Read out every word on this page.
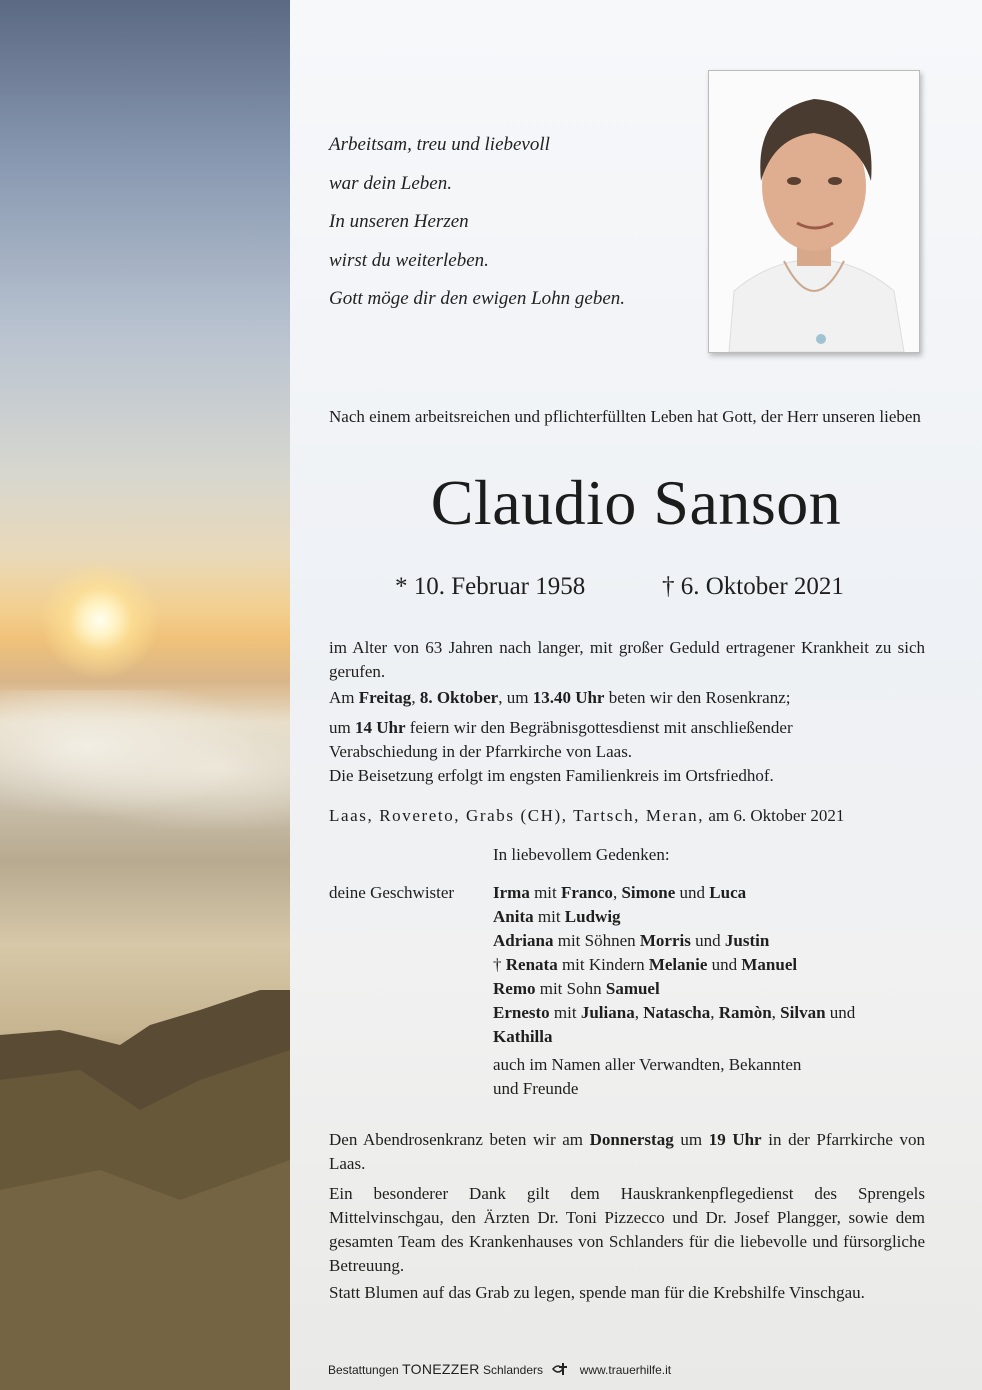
Arbeitsam, treu und liebevoll
war dein Leben.
In unseren Herzen
wirst du weiterleben.
Gott möge dir den ewigen Lohn geben.
Nach einem arbeitsreichen und pflichterfüllten Leben hat Gott, der Herr unseren lieben
Claudio Sanson
* 10. Februar 1958	† 6. Oktober 2021
im Alter von 63 Jahren nach langer, mit großer Geduld ertragener Krankheit zu sich gerufen.
Am Freitag, 8. Oktober, um 13.40 Uhr beten wir den Rosenkranz;
um 14 Uhr feiern wir den Begräbnisgottesdienst mit anschließender
Verabschiedung in der Pfarrkirche von Laas.
Die Beisetzung erfolgt im engsten Familienkreis im Ortsfriedhof.
Laas, Rovereto, Grabs (CH), Tartsch, Meran, am 6. Oktober 2021
In liebevollem Gedenken:
deine Geschwister Irma mit Franco, Simone und Luca
Anita mit Ludwig
Adriana mit Söhnen Morris und Justin
† Renata mit Kindern Melanie und Manuel
Remo mit Sohn Samuel
Ernesto mit Juliana, Natascha, Ramòn, Silvan und
Kathilla
auch im Namen aller Verwandten, Bekannten
und Freunde
Den Abendrosenkranz beten wir am Donnerstag um 19 Uhr in der Pfarrkirche von Laas.
Ein besonderer Dank gilt dem Hauskrankenpflegedienst des Sprengels Mittelvinschgau, den Ärzten Dr. Toni Pizzecco und Dr. Josef Plangger, sowie dem gesamten Team des Krankenhauses von Schlanders für die liebevolle und fürsorgliche Betreuung.
Statt Blumen auf das Grab zu legen, spende man für die Krebshilfe Vinschgau.
Bestattungen TONEZZER Schlanders	www.trauerhilfe.it
